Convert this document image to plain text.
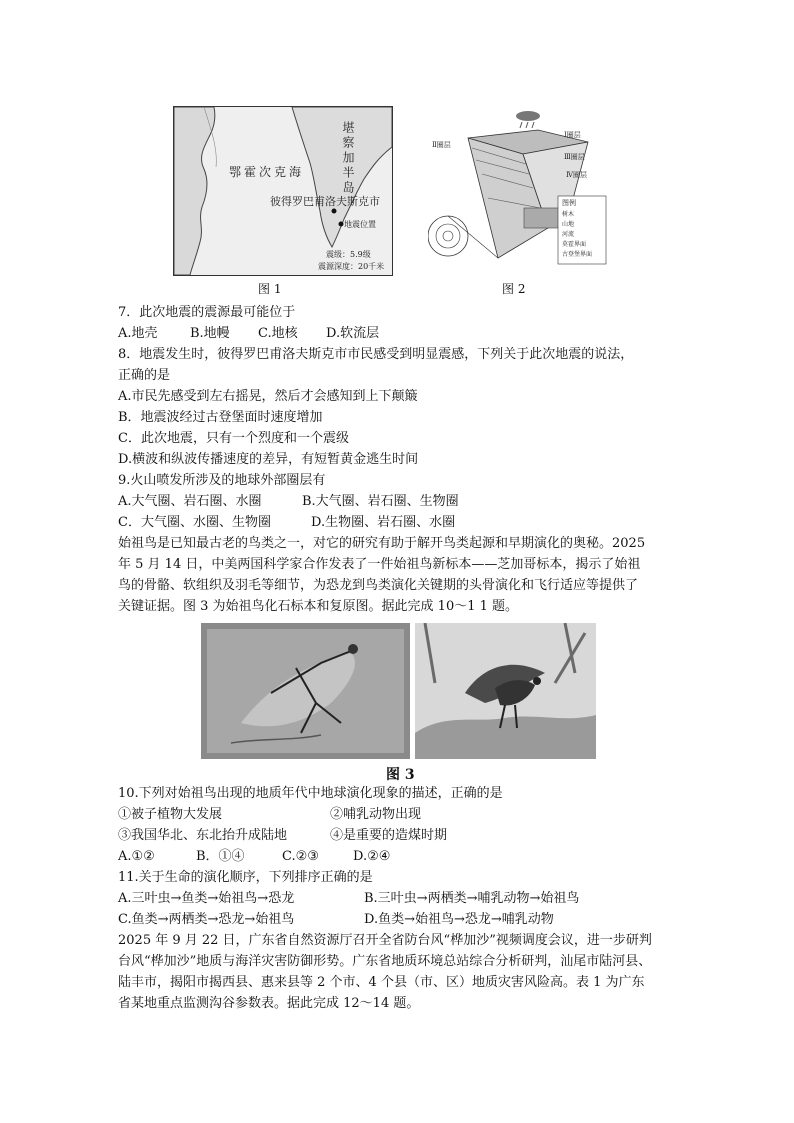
鄂霍次克海	堪察加半岛
彼得罗巴甫洛夫斯克市
地震位置
震级：5.9级
震源深度：20千米
图 1
Ⅱ圈层
Ⅰ圈层
Ⅲ圈层
Ⅳ圈层
图例
树木
山地
河流
莫霍界面
古登堡界面
图 2
7．此次地震的震源最可能位于
A.地壳 B.地幔 C.地核 D.软流层
8．地震发生时，彼得罗巴甫洛夫斯克市市民感受到明显震感，下列关于此次地震的说法，
正确的是
A.市民先感受到左右摇晃，然后才会感知到上下颠簸
B．地震波经过古登堡面时速度增加
C．此次地震，只有一个烈度和一个震级
D.横波和纵波传播速度的差异，有短暂黄金逃生时间
9.火山喷发所涉及的地球外部圈层有
A.大气圈、岩石圈、水圈	B.大气圈、岩石圈、生物圈
C．大气圈、水圈、生物圈	D.生物圈、岩石圈、水圈
始祖鸟是已知最古老的鸟类之一，对它的研究有助于解开鸟类起源和早期演化的奥秘。2025
年 5 月 14 日，中美两国科学家合作发表了一件始祖鸟新标本——芝加哥标本，揭示了始祖
鸟的骨骼、软组织及羽毛等细节，为恐龙到鸟类演化关键期的头骨演化和飞行适应等提供了
关键证据。图 3 为始祖鸟化石标本和复原图。据此完成 10～1 1 题。
图 3
10.下列对始祖鸟出现的地质年代中地球演化现象的描述，正确的是
①被子植物大发展	②哺乳动物出现
③我国华北、东北抬升成陆地	④是重要的造煤时期
A.①②	B．①④	C.②③	D.②④
11.关于生命的演化顺序，下列排序正确的是
A.三叶虫→鱼类→始祖鸟→恐龙	B.三叶虫→两栖类→哺乳动物→始祖鸟
C.鱼类→两栖类→恐龙→始祖鸟	D.鱼类→始祖鸟→恐龙→哺乳动物
2025 年 9 月 22 日，广东省自然资源厅召开全省防台风“桦加沙”视频调度会议，进一步研判
台风“桦加沙”地质与海洋灾害防御形势。广东省地质环境总站综合分析研判，汕尾市陆河县、
陆丰市，揭阳市揭西县、惠来县等 2 个市、4 个县（市、区）地质灾害风险高。表 1 为广东
省某地重点监测沟谷参数表。据此完成 12～14 题。
